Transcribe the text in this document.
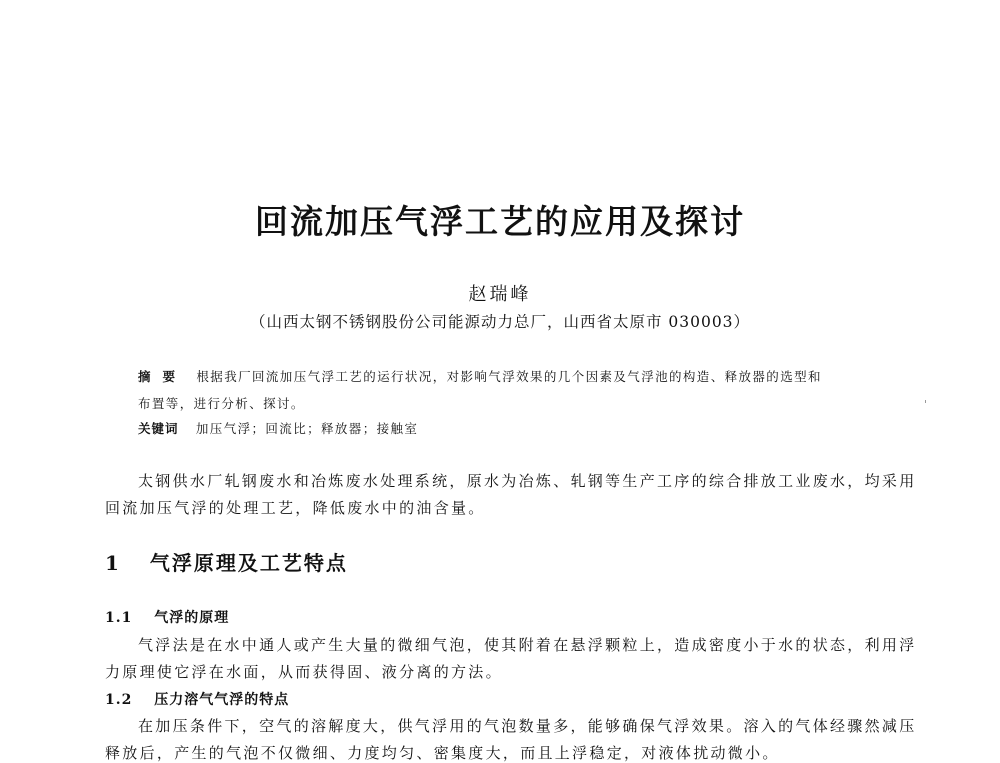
回流加压气浮工艺的应用及探讨
赵瑞峰
（山西太钢不锈钢股份公司能源动力总厂，山西省太原市 030003）
摘要 根据我厂回流加压气浮工艺的运行状况，对影响气浮效果的几个因素及气浮池的构造、释放器的选型和
布置等，进行分析、探讨。
关键词 加压气浮；回流比；释放器；接触室
太钢供水厂轧钢废水和冶炼废水处理系统，原水为冶炼、轧钢等生产工序的综合排放工业废水，均采用
回流加压气浮的处理工艺，降低废水中的油含量。
1 气浮原理及工艺特点
1.1 气浮的原理
气浮法是在水中通人或产生大量的微细气泡，使其附着在悬浮颗粒上，造成密度小于水的状态，利用浮
力原理使它浮在水面，从而获得固、液分离的方法。
1.2 压力溶气气浮的特点
在加压条件下，空气的溶解度大，供气浮用的气泡数量多，能够确保气浮效果。溶入的气体经骤然减压
释放后，产生的气泡不仅微细、力度均匀、密集度大，而且上浮稳定，对液体扰动微小。
